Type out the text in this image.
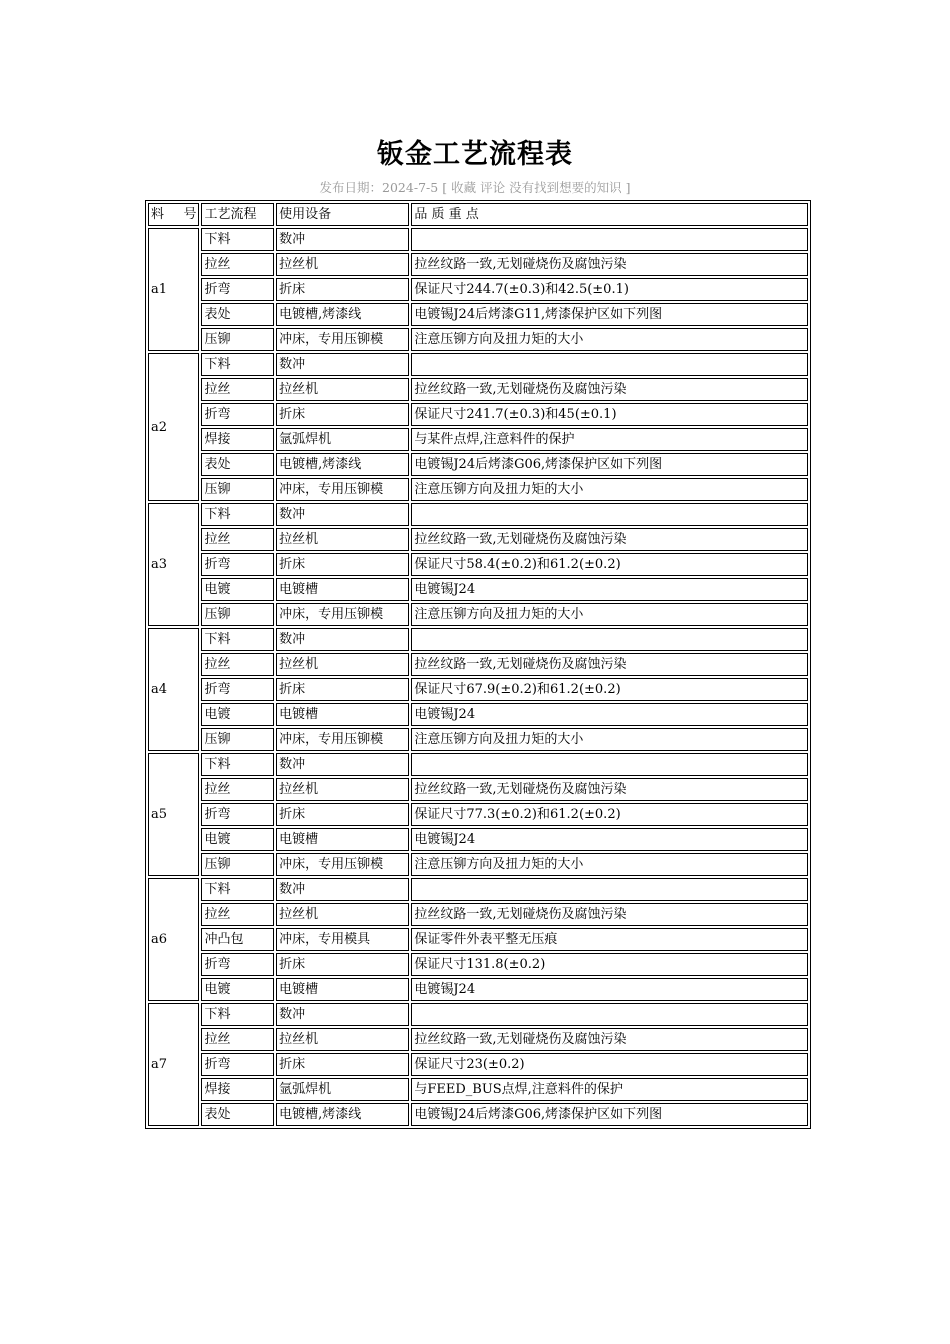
钣金工艺流程表
发布日期：2024-7-5 [ 收藏 评论 没有找到想要的知识 ]
料 号	工艺流程	使用设备	品 质 重 点
a1	下料	数冲	
	拉丝	拉丝机	拉丝纹路一致,无划碰烧伤及腐蚀污染
	折弯	折床	保证尺寸244.7(±0.3)和42.5(±0.1)
	表处	电镀槽,烤漆线	电镀锡J24后烤漆G11,烤漆保护区如下列图
	压铆	冲床，专用压铆模	注意压铆方向及扭力矩的大小
a2	下料	数冲	
	拉丝	拉丝机	拉丝纹路一致,无划碰烧伤及腐蚀污染
	折弯	折床	保证尺寸241.7(±0.3)和45(±0.1)
	焊接	氩弧焊机	与某件点焊,注意料件的保护
	表处	电镀槽,烤漆线	电镀锡J24后烤漆G06,烤漆保护区如下列图
	压铆	冲床，专用压铆模	注意压铆方向及扭力矩的大小
a3	下料	数冲	
	拉丝	拉丝机	拉丝纹路一致,无划碰烧伤及腐蚀污染
	折弯	折床	保证尺寸58.4(±0.2)和61.2(±0.2)
	电镀	电镀槽	电镀锡J24
	压铆	冲床，专用压铆模	注意压铆方向及扭力矩的大小
a4	下料	数冲	
	拉丝	拉丝机	拉丝纹路一致,无划碰烧伤及腐蚀污染
	折弯	折床	保证尺寸67.9(±0.2)和61.2(±0.2)
	电镀	电镀槽	电镀锡J24
	压铆	冲床，专用压铆模	注意压铆方向及扭力矩的大小
a5	下料	数冲	
	拉丝	拉丝机	拉丝纹路一致,无划碰烧伤及腐蚀污染
	折弯	折床	保证尺寸77.3(±0.2)和61.2(±0.2)
	电镀	电镀槽	电镀锡J24
	压铆	冲床，专用压铆模	注意压铆方向及扭力矩的大小
a6	下料	数冲	
	拉丝	拉丝机	拉丝纹路一致,无划碰烧伤及腐蚀污染
	冲凸包	冲床，专用模具	保证零件外表平整无压痕
	折弯	折床	保证尺寸131.8(±0.2)
	电镀	电镀槽	电镀锡J24
a7	下料	数冲	
	拉丝	拉丝机	拉丝纹路一致,无划碰烧伤及腐蚀污染
	折弯	折床	保证尺寸23(±0.2)
	焊接	氩弧焊机	与FEED_BUS点焊,注意料件的保护
	表处	电镀槽,烤漆线	电镀锡J24后烤漆G06,烤漆保护区如下列图
